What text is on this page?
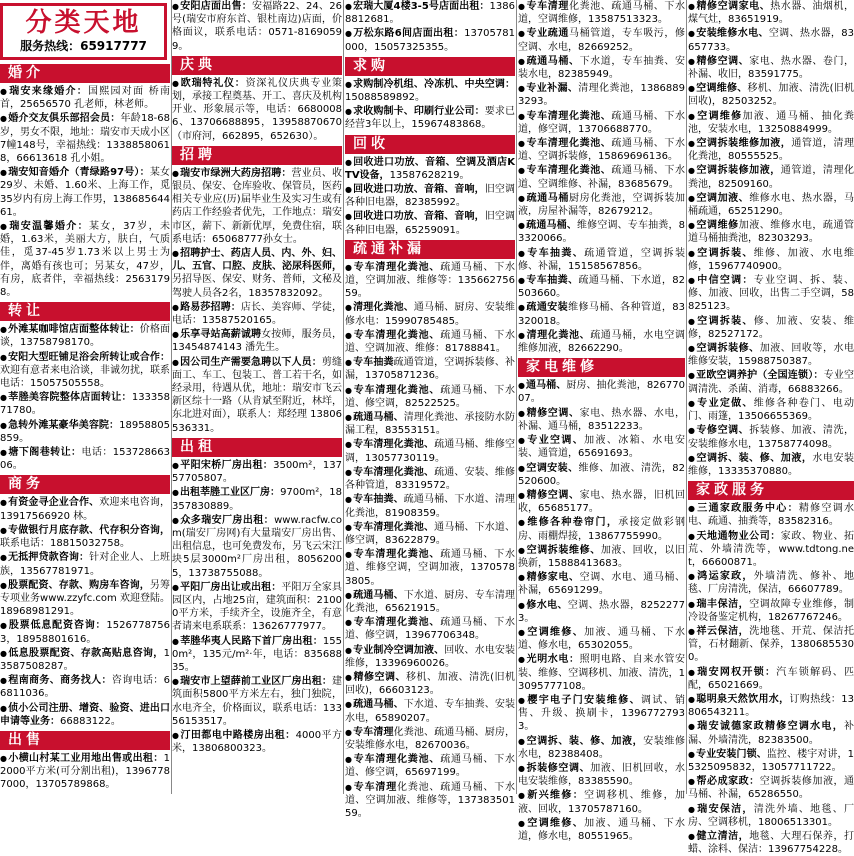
分类天地
服务热线：65917777
婚介
● 瑞安来缘婚介：国熙园对面 桥南首，25656570 孔老师，林老师。
● 婚介交友俱乐部招会员：年龄18-68岁，男女不限，地址：瑞安市天成小区7幢148号，幸福热线：13388580618，66613618 孔小姐。
● 瑞安知音婚介（青绿路97号）：某女29岁、未婚、1.60米、上海工作，觅35岁内有房上海工作男，13868564461。
● 瑞安温馨婚介：某女，37岁，未婚，1.63米，美丽大方，肤白，气质佳，觅37-45岁1.73米以上男士为伴，离婚有孩也可；另某女，47岁，有房，底者伴，幸福热线：25631798。
转让
● 外滩某咖啡馆店面整体转让：价格面谈，13758798170。
● 安阳大型旺铺足浴会所转让或合作：欢迎有意者来电洽谈，非诚勿扰，联系电话：15057505558。
● 莘塍美容院整体店面转让：13335871780。
● 急转外滩某豪华美容院：18958805859。
● 塘下阁巷转让：电话：15372866306。
商务
● 有资金寻企业合作、欢迎来电咨询，13917566920 林。
● 专做银行月底存款、代存积分咨询，联系电话：18815032758。
● 无抵押贷款咨询：针对企业人、上班族，13567781971。
● 股票配资、存款、购房车咨询，另筹专项业务www.zzyfc.com 欢迎登陆。18968981291。
● 股票低息配资咨询：15267787563，18958801616。
● 低息股票配资、存款高贴息咨询，13587508287。
● 程南商务、商务找人：咨询电话：66811036。
● 侦小公司注册、增资、验资、进出口申请等业务：66883122。
出售
● 小横山村某工业用地出售或出租：12000平方米(可分割出租)，13967787000，13705789868。
● 安阳店面出售：安福路22、24、26号(瑞安市府东首、银杜南边)店面，价格面议，联系电话：0571-81690599。
庆典
● 欧瑞特礼仪：资深礼仪庆典专业策划，承接工程奠基、开工、喜庆及机构开业、形象展示等，电话：66800086、13706688895，13958870670（市府河，662895，652630）。
招聘
● 瑞安市绿洲大药房招聘：营业员、收银员、保安、仓库验收、保管员，医药相关专业应(历)届毕业生及实习生或有药店工作经验者优先，工作地点：瑞安市区，薪下、新新优厚，免费住宿，联系电话：65068777孙女士。
● 招聘护士、药店人员、内、外、妇、儿、五官、口腔、皮肤、泌尿科医师，另招导医、保安、财务、普师，文秘及驾驶人员各2名，18357832092。
● 路易莎招聘：店长、美容师、学徒，电话：13587520165。
● 乐享寻站高薪诚聘女按师，服务员，13454874143 潘先生。
● 因公司生产需要急聘以下人员：剪缝面工、车工、包装工、普工若干名，如经录用，待遇从优，地址：瑞安市飞云新区综十一路（从肯斌至附近，林垟，东北进对面），联系人：郑经理 13806536331。
出租
● 平阳宋桥厂房出租：3500m²，13757705807。
● 出租莘塍工业区厂房：9700m²，18357830889。
● 众多瑞安厂房出租：www.racfw.com(瑞安厂房网)有大量瑞安厂房出售、出租信息，也可免费发布，另飞云宋江块5层3000m²厂房出租，80562005，13738755088。
● 平阳厂房出让或出租：平阳万全家具园区内，占地25亩，建筑面积：21000平方米，手续齐全，设施齐全，有意者请来电系联系：13626777977。
● 莘塍华夷人民路下首厂房出租：1550m²，135元/m²·年，电话：83568835。
● 瑞安市上望薛前工业区厂房出租：建筑面积5800平方米左右，独门独院，水电齐全，价格面议，联系电话：13356153517。
● 汀田都电中路楼房出租：4000平方米，13806800323。
● 宏瑞大厦4楼3-5号店面出租：13868812681。
● 万松东路6间店面出租：13705781000，15057325355。
求购
● 求购制冷机组、冷冻机、中央空调：15088589892。
● 求收购制卡、印刷行业公司：要求已经营3年以上，15967483868。
回收
● 回收进口功放、音箱、空调及酒店KTV设备，13587628219。
● 回收进口功放、音箱、音响，旧空调各种旧电器，82385992。
● 回收进口功放、音箱、音响，旧空调各种旧电器，65259091。
疏通补漏
● 专车清理化粪池、疏通马桶、下水道，空调加液、维修等：13566275659。
● 清理化粪池、通马桶、厨房、安装维修水电：15990785485。
● 专车清理化粪池、疏通马桶、下水道、空调加液、维修：81788841。
● 专车抽粪疏通管道，空调拆装修、补漏，13705871236。
● 专车清理化粪池、疏通马桶、下水道、修空调，82522525。
● 疏通马桶、清理化粪池、承接防水防漏工程，83553151。
● 专车清理化粪池、疏通马桶、维修空调，13057730119。
● 专车清理化粪池、疏通、安装、维修各种管道，83319572。
● 专车抽粪、疏通马桶、下水道、清理化粪池，81908359。
● 专车清理化粪池、通马桶、下水道、修空调，83622879。
● 专车清理化粪池、疏通马桶、下水道、维修空调，空调加液，13705783805。
● 疏通马桶、下水道、厨房、专车清理化粪池，65621915。
● 专车清理化粪池、疏通马桶、下水道、修空调，13967706348。
● 专业制冷空调加液、回收、水电安装维修，13396960026。
● 精修空调、移机、加液、清洗(旧机回收)，66603123。
● 疏通马桶、下水道、专车抽粪、安装水电，65890207。
● 专车清理化粪池、疏通马桶、厨房，安装维修水电，82670036。
● 专车清理化粪池、疏通马桶、下水道、修空调，65697199。
● 专车清理化粪池、疏通马桶、下水道、空调加液、维修等，13738350159。
● 专车清理化粪池、疏通马桶、下水道，空调维修，13587513323。
● 专业疏通马桶管道，专车吸污，修空调、水电，82669252。
● 疏通马桶、下水道，专车抽粪、安装水电，82385949。
● 专业补漏、清理化粪池，13868893293。
● 专车清理化粪池、疏通马桶、下水道，修空调，13706688770。
● 专车清理化粪池、疏通马桶、下水道、空调拆装修，15869696136。
● 专车清理化粪池、疏通马桶、下水道、空调维修、补漏，83685679。
● 疏通马桶厨房化粪池，空调拆装加液，房屋补漏等，82679212。
● 疏通马桶、维修空调、专车抽粪，83320066。
● 专车抽粪、疏通管道，空调拆装修、补漏，15158567856。
● 专车抽粪、疏通马桶、下水道，82503660。
● 疏通安装维修马桶、各种管道，83320018。
● 清理化粪池、疏通马桶，水电空调维修加液，82662290。
家电维修
● 通马桶、厨房、抽化粪池，82677007。
● 精修空调、家电、热水器、水电，补漏、通马桶，83512233。
● 专业空调、加液、冰箱、水电安装、通管道，65691693。
● 空调安装、维修、加液、清洗，82520600。
● 精修空调、家电、热水器，旧机回收，65685177。
● 维修各种卷帘门，承接定做彩钢房、雨棚焊接，13867755990。
● 空调拆装维修、加液、回收，以旧换新，15888413683。
● 精修家电、空调、水电、通马桶、补漏，65691299。
● 修水电、空调、热水器，82522773。
● 空调维修、加液、通马桶、下水道、修水电，65302055。
● 光明水电：照明电路、自来水管安装、维修、空调移机、加液、清洗，13095777108。
● 樱宇电子门安装维修、调试、销售、升级、换刷卡，13967727933。
● 空调拆、装、修、加液，安装维修水电，82388408。
● 拆装修空调、加液、旧机回收，水电安装维修，83385590。
● 新兴维修：空调移机、维修，加液、回收，13705787160。
● 空调维修、加液、通马桶、下水道，修水电，80551965。
● 精修空调家电、热水器、油烟机，煤气灶，83651919。
● 安装维修水电、空调、热水器，83657733。
● 精修空调、家电、热水器、卷门，补漏、收旧，83591775。
● 空调维修、移机、加液、清洗(旧机回收)，82503252。
● 空调维修加液、通马桶、抽化粪池，安装水电，13250884999。
● 空调拆装维修加液，通管道，清理化粪池，80555525。
● 空调拆装修加液，通管道，清理化粪池，82509160。
● 空调加液、维修水电、热水器，马桶疏通，65251290。
● 空调维修加液、维修水电，疏通管道马桶抽粪池，82303293。
● 空调拆装、维修、加液、水电维修，15967740900。
● 中信空调：专业空调、拆、装、修、加液、回收，出售二手空调，58825123。
● 空调拆装、修、加液、安装、维修，82527172。
● 空调拆装修、加液、回收等，水电维修安装，15988750387。
● 亚欧空调养护（全国连锁）：专业空调清洗、杀菌、消毒，66883266。
● 专业定做、维修各种卷门、电动门、雨篷，13506655369。
● 专修空调、拆装修、加液、清洗，安装维修水电，13758774098。
● 空调拆、装、修、加液，水电安装维修，13335370880。
家政服务
● 三通家政服务中心：精修空调水电、疏通、抽粪等，83582316。
● 天地通物业公司：家政、物业、拓荒、外墙清洗等，www.tdtong.net，66600871。
● 鸿运家政，外墙清洗、修补、地毯、厂房清洗，保洁，66607789。
● 瑞丰保洁，空调故障专业维修，制冷设备鉴定机构，18267767246。
● 祥云保洁，洗地毯、开荒、保洁托管，石材翻新、保养，13806855300。
● 瑞安网权开锁：汽车锁解码、匹配，65021669。
● 聪明泉天然饮用水，订购热线：13806543211。
● 瑞安诚德家政精修空调水电，补漏、外墙清洗，82383500。
● 专业安装门锁、监控、楼宇对讲，15325095832，13057711722。
● 帮必成家政：空调拆装修加液，通马桶、补漏，65286550。
● 瑞安保洁，清洗外墙、地毯、厂房、空调移机，18006513301。
● 健立清洁，地毯、大理石保养，打蜡、涂料、保洁：13967754228。
